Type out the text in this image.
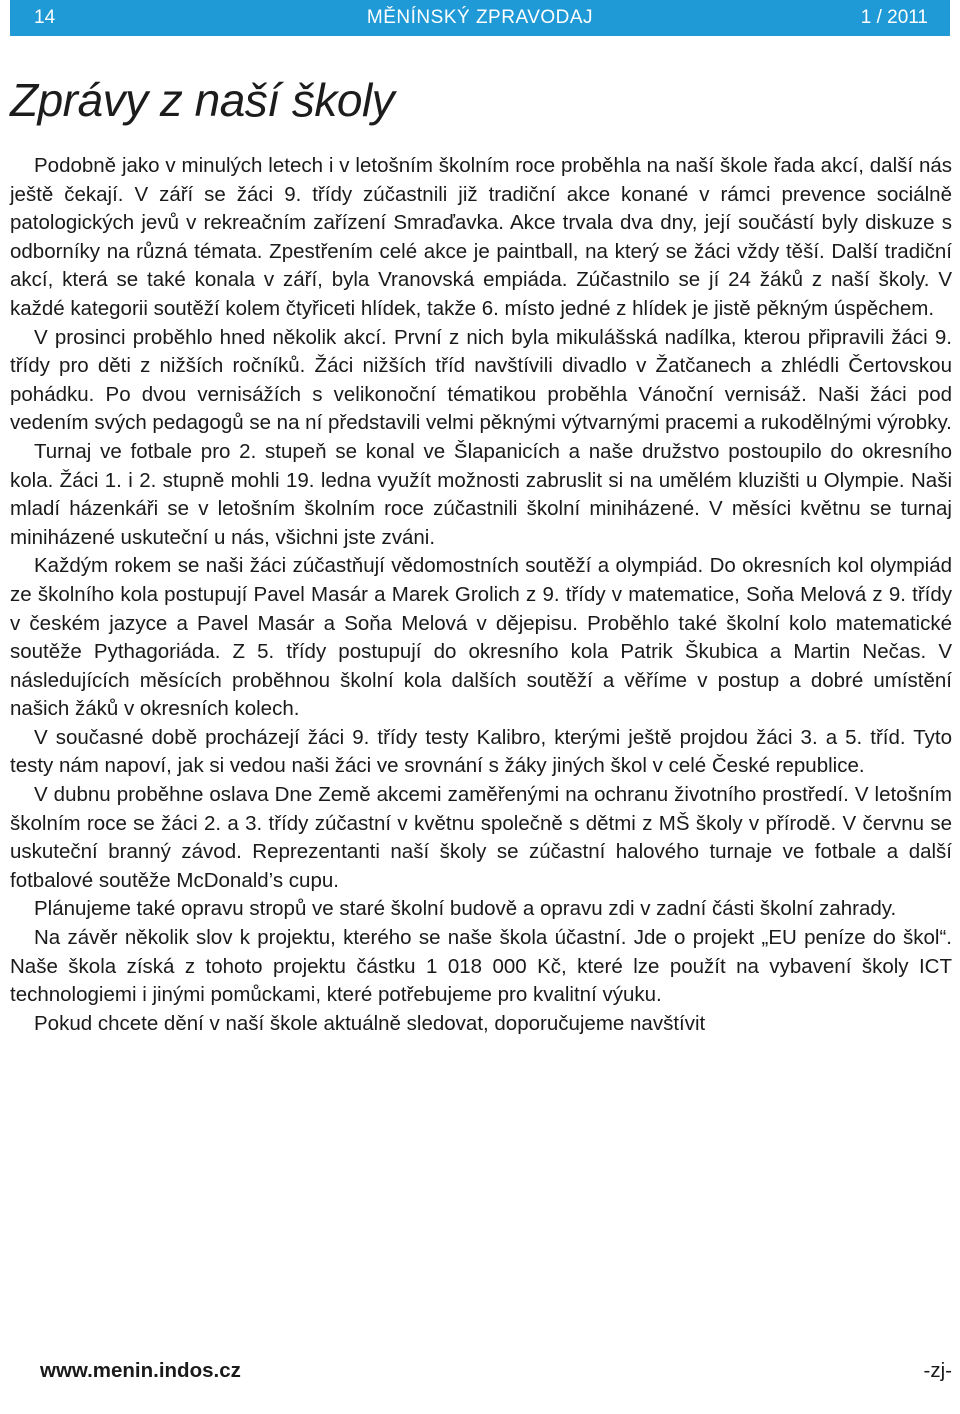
14	MĚNÍNSKÝ ZPRAVODAJ	1 / 2011
Zprávy z naší školy

Podobně jako v minulých letech i v letošním školním roce proběhla na naší škole řada akcí, další nás ještě čekají. V září se žáci 9. třídy zúčastnili již tradiční akce konané v rámci prevence sociálně patologických jevů v rekreačním zařízení Smraďavka. Akce trvala dva dny, její součástí byly diskuze s odborníky na různá témata. Zpestřením celé akce je paintball, na který se žáci vždy těší. Další tradiční akcí, která se také konala v září, byla Vranovská empiáda. Zúčastnilo se jí 24 žáků z naší školy. V každé kategorii soutěží kolem čtyřiceti hlídek, takže 6. místo jedné z hlídek je jistě pěkným úspěchem.

V prosinci proběhlo hned několik akcí. První z nich byla mikulášská nadílka, kterou připravili žáci 9. třídy pro děti z nižších ročníků. Žáci nižších tříd navštívili divadlo v Žatčanech a zhlédli Čertovskou pohádku. Po dvou vernisážích s velikonoční tématikou proběhla Vánoční vernisáž. Naši žáci pod vedením svých pedagogů se na ní představili velmi pěknými výtvarnými pracemi a rukodělnými výrobky.

Turnaj ve fotbale pro 2. stupeň se konal ve Šlapanicích a naše družstvo postoupilo do okresního kola. Žáci 1. i 2. stupně mohli 19. ledna využít možnosti zabruslit si na umělém kluzišti u Olympie. Naši mladí házenkáři se v letošním školním roce zúčastnili školní miniházené. V měsíci květnu se turnaj miniházené uskuteční u nás, všichni jste zváni.

Každým rokem se naši žáci zúčastňují vědomostních soutěží a olympiád. Do okresních kol olympiád ze školního kola postupují Pavel Masár a Marek Grolich z 9. třídy v matematice, Soňa Melová z 9. třídy v českém jazyce a Pavel Masár a Soňa Melová v dějepisu. Proběhlo také školní kolo matematické soutěže Pythagoriáda. Z 5. třídy postupují do okresního kola Patrik Škubica a Martin Nečas. V následujících měsících proběhnou školní kola dalších soutěží a věříme v postup a dobré umístění našich žáků v okresních kolech.

V současné době procházejí žáci 9. třídy testy Kalibro, kterými ještě projdou žáci 3. a 5. tříd. Tyto testy nám napoví, jak si vedou naši žáci ve srovnání s žáky jiných škol v celé České republice.

V dubnu proběhne oslava Dne Země akcemi zaměřenými na ochranu životního prostředí. V letošním školním roce se žáci 2. a 3. třídy zúčastní v květnu společně s dětmi z MŠ školy v přírodě. V červnu se uskuteční branný závod. Reprezentanti naší školy se zúčastní halového turnaje ve fotbale a další fotbalové soutěže McDonald’s cupu.

Plánujeme také opravu stropů ve staré školní budově a opravu zdi v zadní části školní zahrady.

Na závěr několik slov k projektu, kterého se naše škola účastní. Jde o projekt „EU peníze do škol“. Naše škola získá z tohoto projektu částku 1 018 000 Kč, které lze použít na vybavení školy ICT technologiemi i jinými pomůckami, které potřebujeme pro kvalitní výuku.

Pokud chcete dění v naší škole aktuálně sledovat, doporučujeme navštívit

www.menin.indos.cz	-zj-
